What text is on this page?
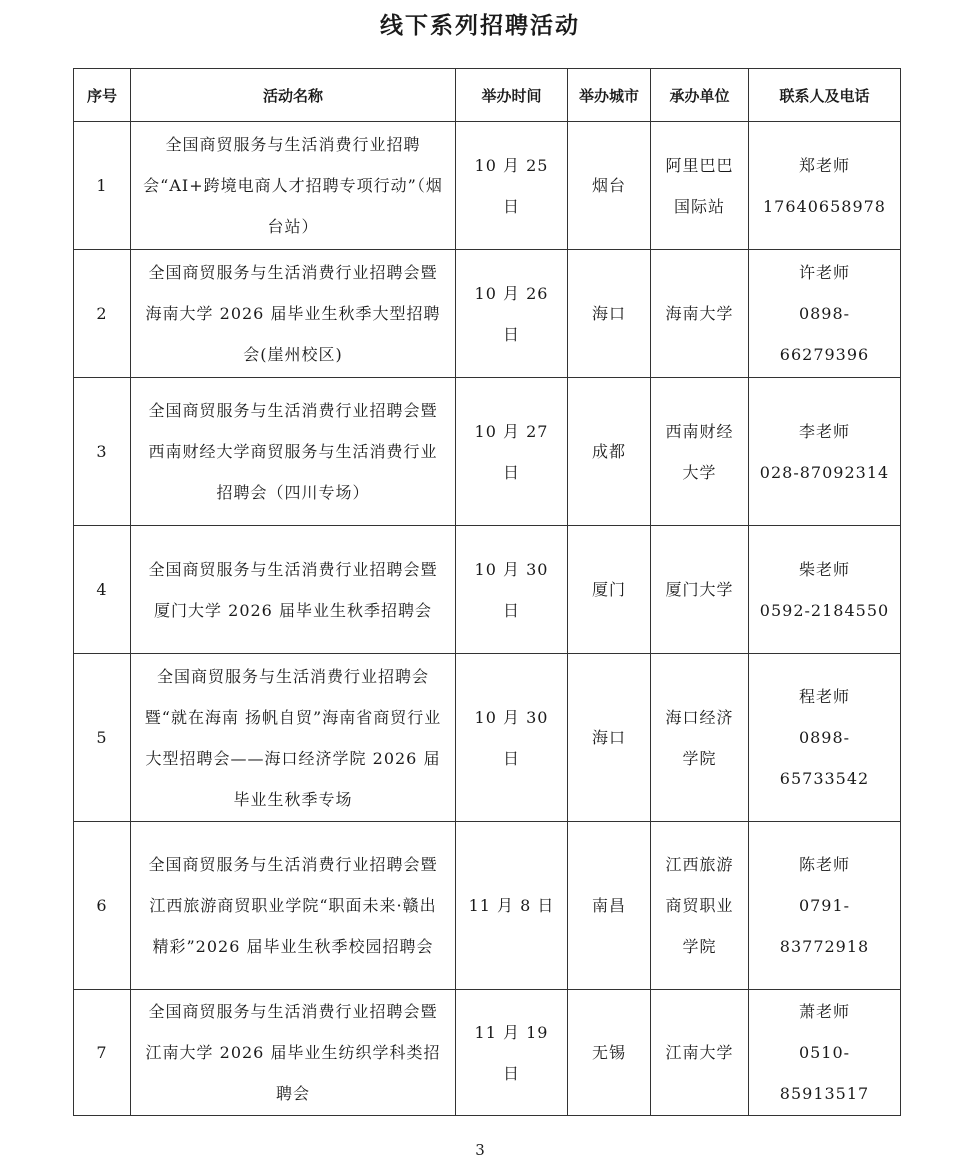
线下系列招聘活动
序号	活动名称	举办时间	举办城市	承办单位	联系人及电话
1	全国商贸服务与生活消费行业招聘会“AI+跨境电商人才招聘专项行动”（烟台站）	10 月 25 日	烟台	阿里巴巴国际站	郑老师
17640658978

2	全国商贸服务与生活消费行业招聘会暨海南大学 2026 届毕业生秋季大型招聘会(崖州校区)	10 月 26 日	海口	海南大学	许老师
0898-66279396

3	全国商贸服务与生活消费行业招聘会暨西南财经大学商贸服务与生活消费行业招聘会（四川专场）	10 月 27 日	成都	西南财经大学	李老师
028-87092314

4	全国商贸服务与生活消费行业招聘会暨厦门大学 2026 届毕业生秋季招聘会	10 月 30 日	厦门	厦门大学	柴老师
0592-2184550

5	全国商贸服务与生活消费行业招聘会暨“就在海南 扬帆自贸”海南省商贸行业大型招聘会——海口经济学院 2026 届毕业生秋季专场	10 月 30 日	海口	海口经济学院	程老师
0898-65733542

6	全国商贸服务与生活消费行业招聘会暨江西旅游商贸职业学院“职面未来·赣出精彩”2026 届毕业生秋季校园招聘会	11 月 8 日	南昌	江西旅游商贸职业学院	陈老师
0791-83772918

7	全国商贸服务与生活消费行业招聘会暨江南大学 2026 届毕业生纺织学科类招聘会	11 月 19 日	无锡	江南大学	萧老师
0510-85913517
3
